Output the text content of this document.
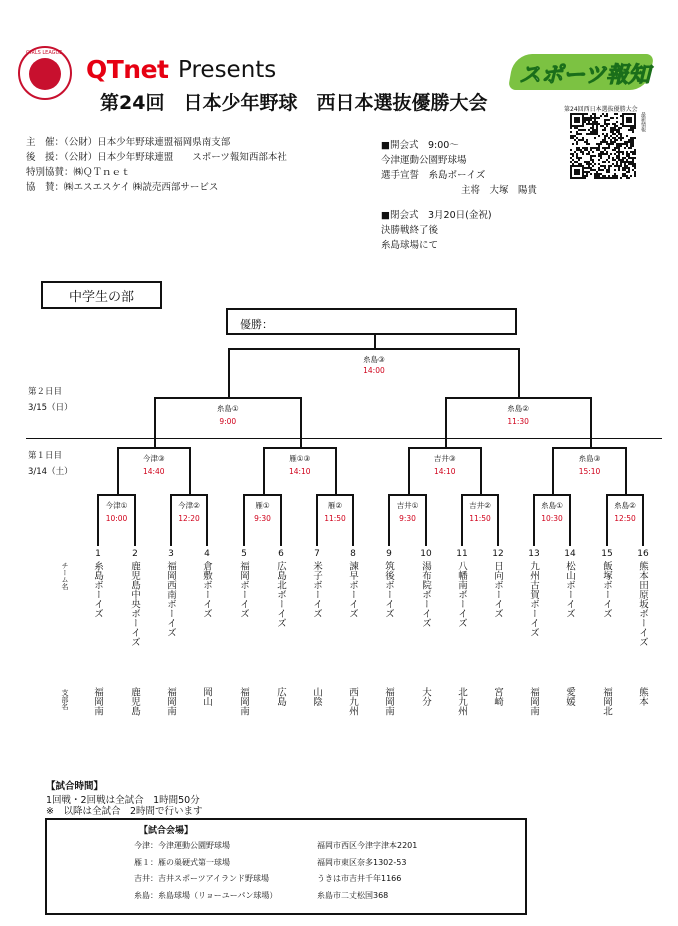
GIRLS LEAGUE
QTnet Presents
第24回　日本少年野球　西日本選抜優勝大会
スポーツ報知
第24回西日本選抜優勝大会
最新情報
主　催：（公財）日本少年野球連盟福岡県南支部
後　援：（公財）日本少年野球連盟　　スポーツ報知西部本社
特別協賛：㈱ＱＴｎｅｔ
協　賛：㈱エスエスケイ ㈱読売西部サービス
■開会式　9:00～
今津運動公園野球場
選手宣誓　糸島ボーイズ
主将　大塚　陽貴
■閉会式　3月20日(金祝)
決勝戦終了後
糸島球場にて
中学生の部
優勝：
第２日目
3/15（日）
第１日目
3/14（土）
今津①
10:00
今津②
12:20
雁①
9:30
雁②
11:50
吉井①
9:30
吉井②
11:50
糸島①
10:30
糸島②
12:50
今津③
14:40
雁①③
14:10
吉井③
14:10
糸島③
15:10
糸島①
9:00
糸島②
11:30
糸島③
14:00
1
糸島ボーイズ
福岡南
2
鹿児島中央ボーイズ
鹿児島
3
福岡西南ボーイズ
福岡南
4
倉敷ボーイズ
岡山
5
福岡ボーイズ
福岡南
6
広島北ボーイズ
広島
7
米子ボーイズ
山陰
8
諫早ボーイズ
西九州
9
筑後ボーイズ
福岡南
10
湯布院ボーイズ
大分
11
八幡南ボーイズ
北九州
12
日向ボーイズ
宮崎
13
九州古賀ボーイズ
福岡南
14
松山ボーイズ
愛媛
15
飯塚ボーイズ
福岡北
16
熊本田原坂ボーイズ
熊本
チーム名
支部名
【試合時間】
1回戦・2回戦は全試合　1時間50分
※　以降は全試合　2時間で行います
【試合会場】
今津：今津運動公園野球場	福岡市西区今津字津本2201
雁１：雁の巣硬式第一球場	福岡市東区奈多1302-53
吉井：吉井スポーツアイランド野球場	うきは市吉井千年1166
糸島：糸島球場（リョーユーパン球場）	糸島市二丈松国368
